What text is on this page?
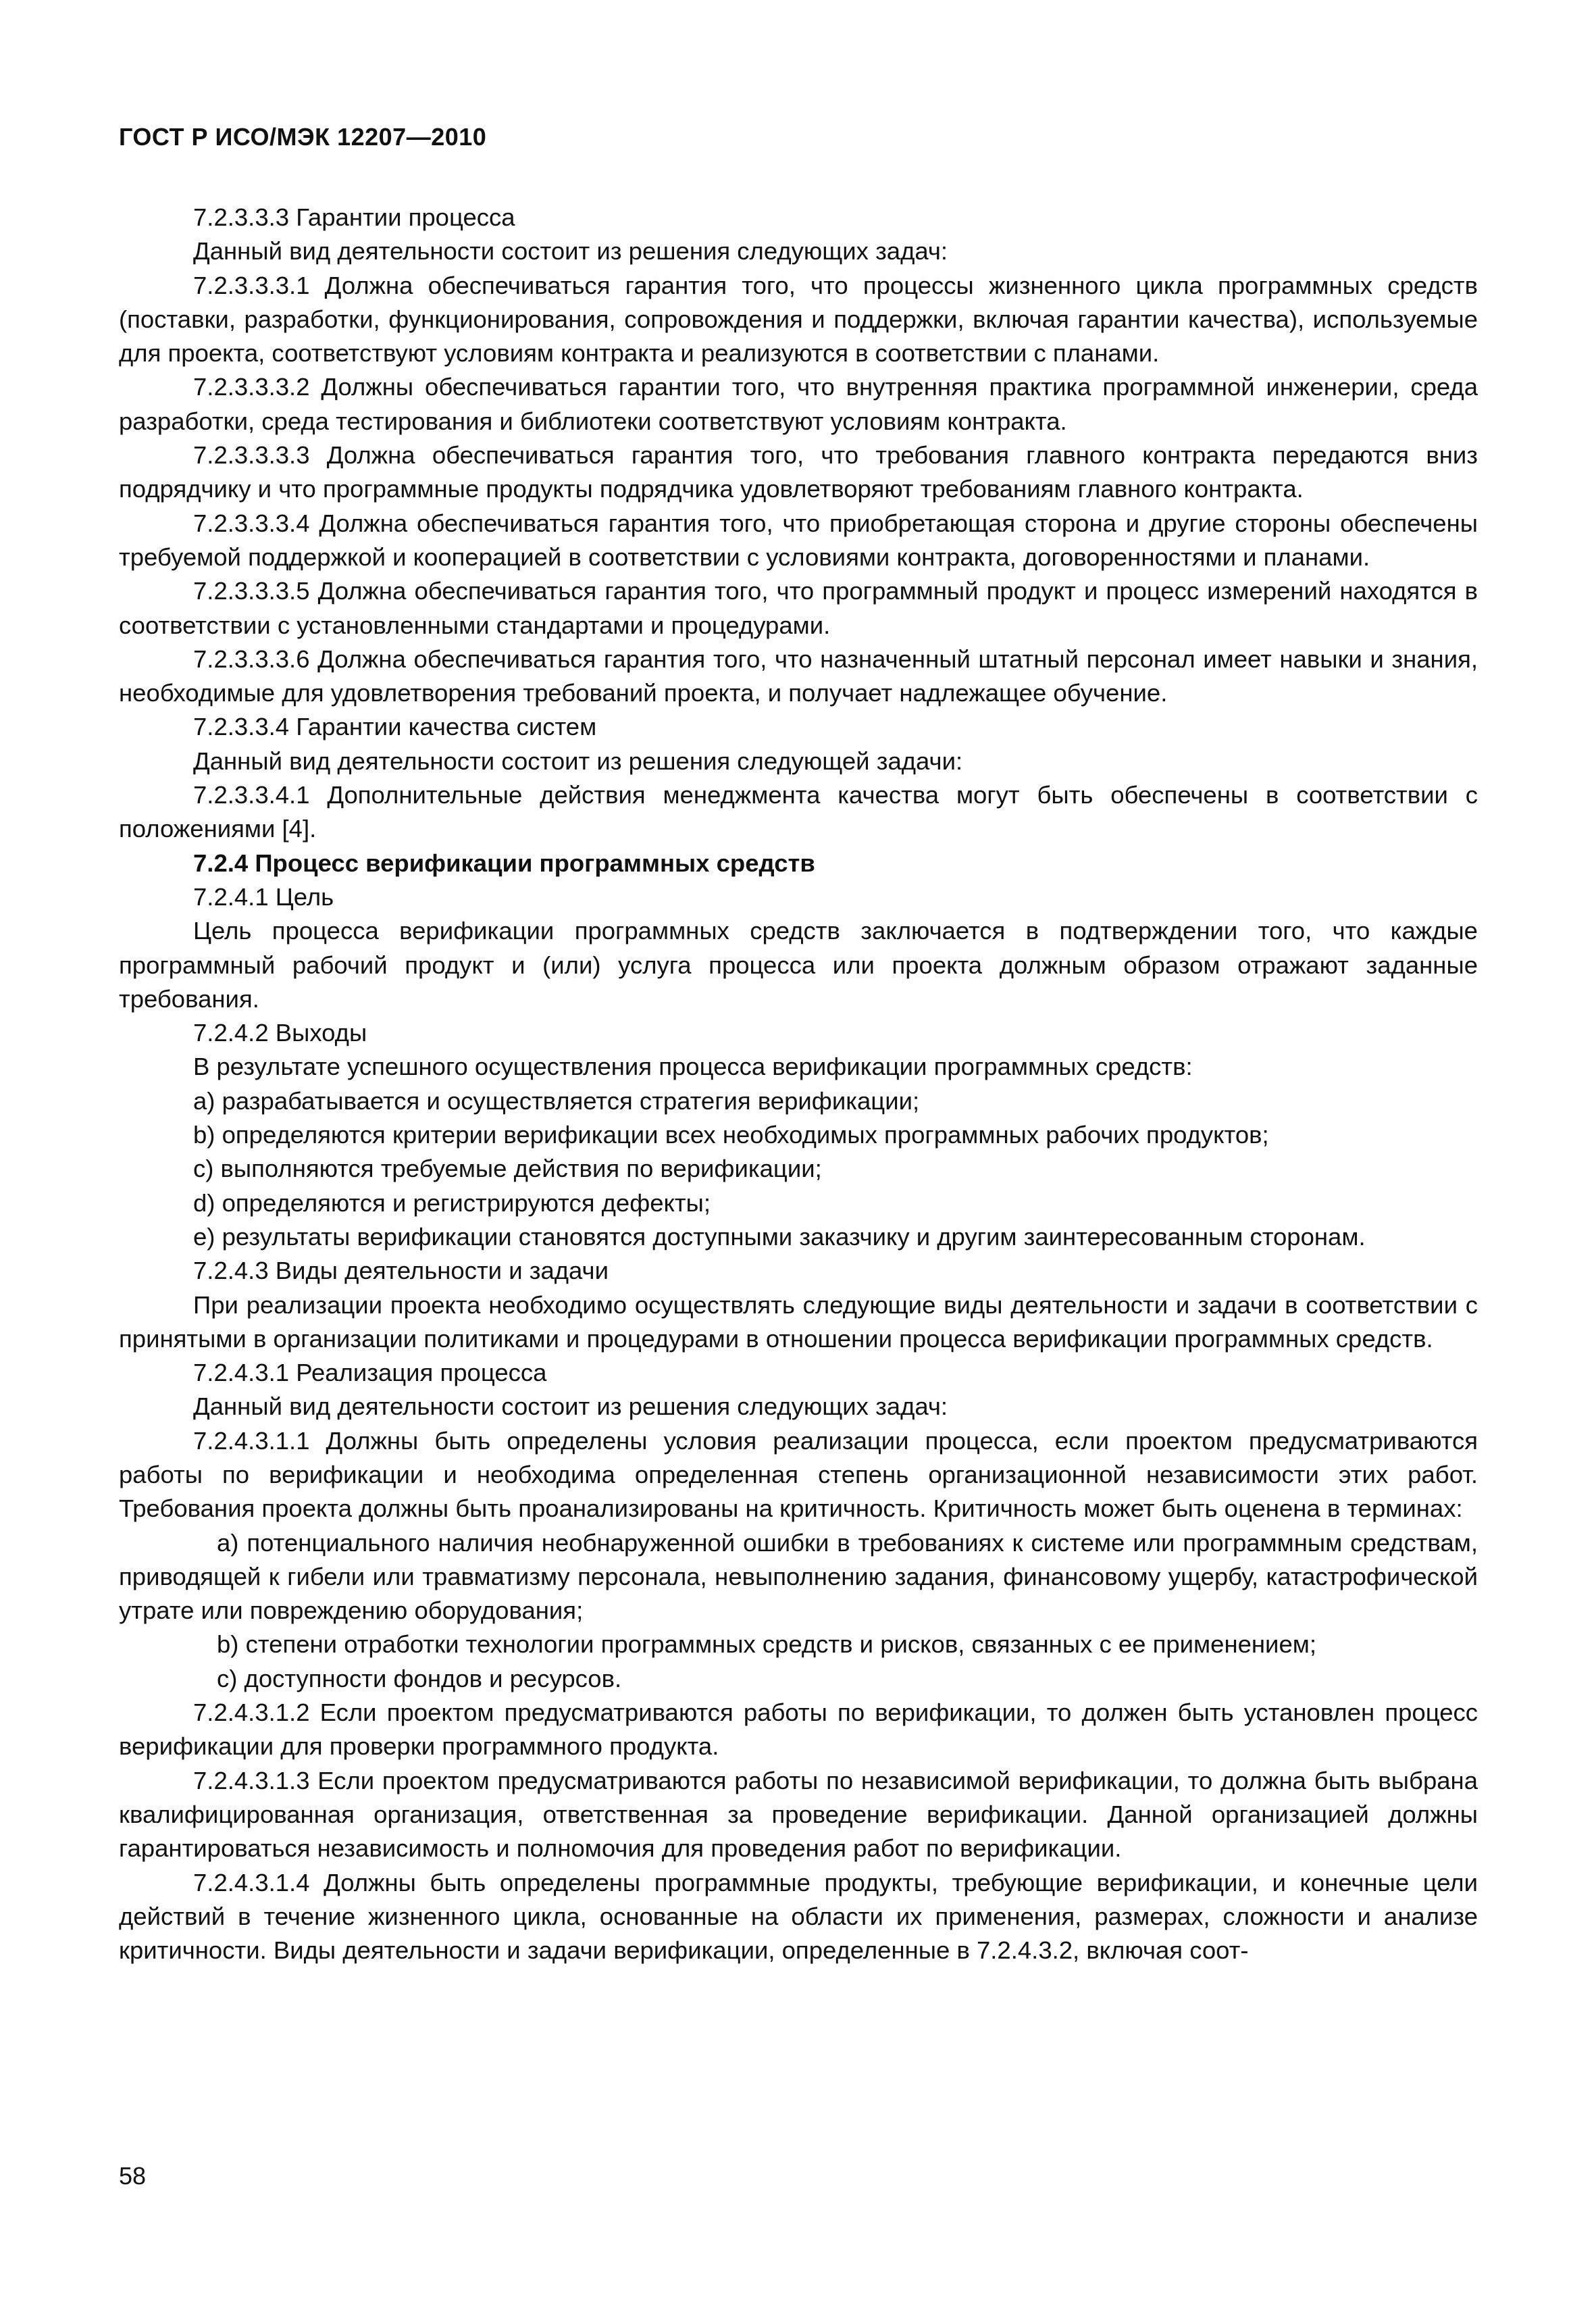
ГОСТ Р ИСО/МЭК 12207—2010

7.2.3.3.3 Гарантии процесса

Данный вид деятельности состоит из решения следующих задач:

7.2.3.3.3.1 Должна обеспечиваться гарантия того, что процессы жизненного цикла программных средств (поставки, разработки, функционирования, сопровождения и поддержки, включая гарантии качества), используемые для проекта, соответствуют условиям контракта и реализуются в соответствии с планами.

7.2.3.3.3.2 Должны обеспечиваться гарантии того, что внутренняя практика программной инженерии, среда разработки, среда тестирования и библиотеки соответствуют условиям контракта.

7.2.3.3.3.3 Должна обеспечиваться гарантия того, что требования главного контракта передаются вниз подрядчику и что программные продукты подрядчика удовлетворяют требованиям главного контракта.

7.2.3.3.3.4 Должна обеспечиваться гарантия того, что приобретающая сторона и другие стороны обеспечены требуемой поддержкой и кооперацией в соответствии с условиями контракта, договоренностями и планами.

7.2.3.3.3.5 Должна обеспечиваться гарантия того, что программный продукт и процесс измерений находятся в соответствии с установленными стандартами и процедурами.

7.2.3.3.3.6 Должна обеспечиваться гарантия того, что назначенный штатный персонал имеет навыки и знания, необходимые для удовлетворения требований проекта, и получает надлежащее обучение.

7.2.3.3.4 Гарантии качества систем

Данный вид деятельности состоит из решения следующей задачи:

7.2.3.3.4.1 Дополнительные действия менеджмента качества могут быть обеспечены в соответствии с положениями [4].

7.2.4 Процесс верификации программных средств

7.2.4.1 Цель

Цель процесса верификации программных средств заключается в подтверждении того, что каждые программный рабочий продукт и (или) услуга процесса или проекта должным образом отражают заданные требования.

7.2.4.2 Выходы

В результате успешного осуществления процесса верификации программных средств:

a) разрабатывается и осуществляется стратегия верификации;

b) определяются критерии верификации всех необходимых программных рабочих продуктов;

c) выполняются требуемые действия по верификации;

d) определяются и регистрируются дефекты;

e) результаты верификации становятся доступными заказчику и другим заинтересованным сторонам.

7.2.4.3 Виды деятельности и задачи

При реализации проекта необходимо осуществлять следующие виды деятельности и задачи в соответствии с принятыми в организации политиками и процедурами в отношении процесса верификации программных средств.

7.2.4.3.1 Реализация процесса

Данный вид деятельности состоит из решения следующих задач:

7.2.4.3.1.1 Должны быть определены условия реализации процесса, если проектом предусматриваются работы по верификации и необходима определенная степень организационной независимости этих работ. Требования проекта должны быть проанализированы на критичность. Критичность может быть оценена в терминах:

a) потенциального наличия необнаруженной ошибки в требованиях к системе или программным средствам, приводящей к гибели или травматизму персонала, невыполнению задания, финансовому ущербу, катастрофической утрате или повреждению оборудования;

b) степени отработки технологии программных средств и рисков, связанных с ее применением;

c) доступности фондов и ресурсов.

7.2.4.3.1.2 Если проектом предусматриваются работы по верификации, то должен быть установлен процесс верификации для проверки программного продукта.

7.2.4.3.1.3 Если проектом предусматриваются работы по независимой верификации, то должна быть выбрана квалифицированная организация, ответственная за проведение верификации. Данной организацией должны гарантироваться независимость и полномочия для проведения работ по верификации.

7.2.4.3.1.4 Должны быть определены программные продукты, требующие верификации, и конечные цели действий в течение жизненного цикла, основанные на области их применения, размерах, сложности и анализе критичности. Виды деятельности и задачи верификации, определенные в 7.2.4.3.2, включая соот-

58
